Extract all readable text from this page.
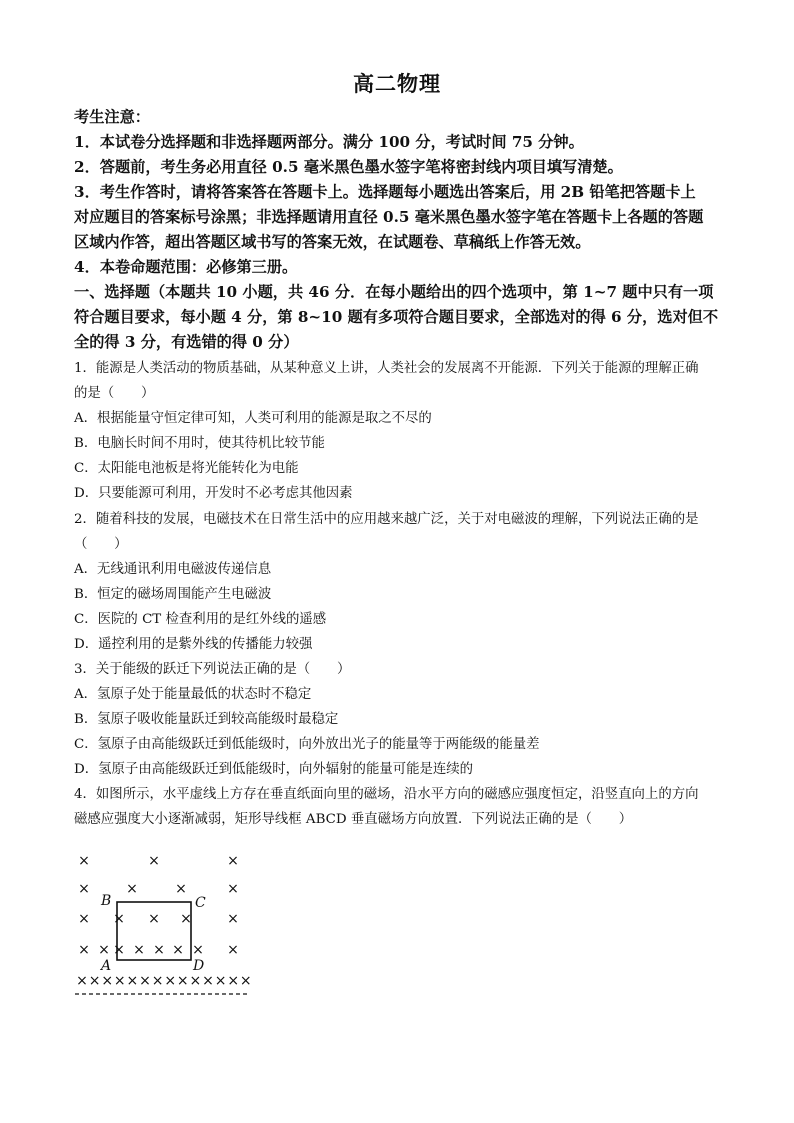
高二物理
考生注意：
1．本试卷分选择题和非选择题两部分。满分 100 分，考试时间 75 分钟。
2．答题前，考生务必用直径 0.5 毫米黑色墨水签字笔将密封线内项目填写清楚。
3．考生作答时，请将答案答在答题卡上。选择题每小题选出答案后，用 2B 铅笔把答题卡上
对应题目的答案标号涂黑；非选择题请用直径 0.5 毫米黑色墨水签字笔在答题卡上各题的答题
区域内作答，超出答题区域书写的答案无效，在试题卷、草稿纸上作答无效。
4．本卷命题范围：必修第三册。
一、选择题（本题共 10 小题，共 46 分．在每小题给出的四个选项中，第 1~7 题中只有一项
符合题目要求，每小题 4 分，第 8~10 题有多项符合题目要求，全部选对的得 6 分，选对但不
全的得 3 分，有选错的得 0 分）
1．能源是人类活动的物质基础，从某种意义上讲，人类社会的发展离不开能源．下列关于能源的理解正确
的是（　　）
A．根据能量守恒定律可知，人类可利用的能源是取之不尽的
B．电脑长时间不用时，使其待机比较节能
C．太阳能电池板是将光能转化为电能
D．只要能源可利用，开发时不必考虑其他因素
2．随着科技的发展，电磁技术在日常生活中的应用越来越广泛，关于对电磁波的理解，下列说法正确的是
（　　）
A．无线通讯利用电磁波传递信息
B．恒定的磁场周围能产生电磁波
C．医院的 CT 检查利用的是红外线的遥感
D．遥控利用的是紫外线的传播能力较强
3．关于能级的跃迁下列说法正确的是（　　）
A．氢原子处于能量最低的状态时不稳定
B．氢原子吸收能量跃迁到较高能级时最稳定
C．氢原子由高能级跃迁到低能级时，向外放出光子的能量等于两能级的能量差
D．氢原子由高能级跃迁到低能级时，向外辐射的能量可能是连续的
4．如图所示，水平虚线上方存在垂直纸面向里的磁场，沿水平方向的磁感应强度恒定，沿竖直向上的方向
磁感应强度大小逐渐减弱，矩形导线框 ABCD 垂直磁场方向放置．下列说法正确的是（　　）
×	×	×
×	×	×	×
× × × ×	×
× × × × × × × ×
× × × × × × × × × × × × × ×
B	C
A	D
